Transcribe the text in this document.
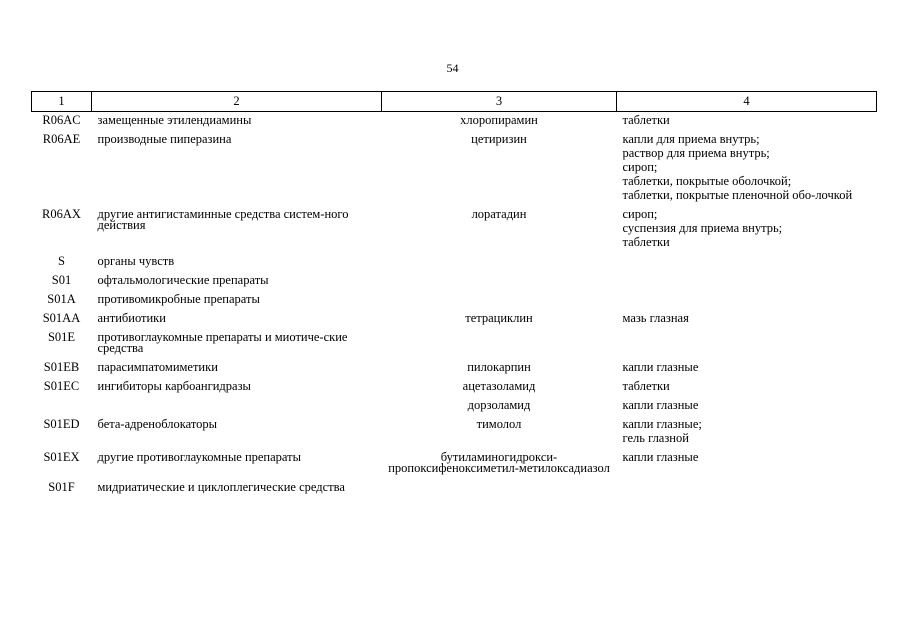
54
1	2	3	4
R06AC	замещенные этилендиамины	хлоропирамин	таблетки

R06AE	производные пиперазина	цетиризин	капли для приема внутрь;
раствор для приема внутрь;
сироп;
таблетки, покрытые оболочкой;
таблетки, покрытые пленочной обо-лочкой

R06AX	другие антигистаминные средства систем-ного действия	лоратадин	сироп;
суспензия для приема внутрь;
таблетки

S	органы чувств		
S01	офтальмологические препараты		
S01A	противомикробные препараты		
S01AA	антибиотики	тетрациклин	мазь глазная

S01E	противоглаукомные препараты и миотиче-ские средства		
S01EB	парасимпатомиметики	пилокарпин	капли глазные

S01EC	ингибиторы карбоангидразы	ацетазоламид	таблетки

		дорзоламид	капли глазные

S01ED	бета-адреноблокаторы	тимолол	капли глазные;
гель глазной

S01EX	другие противоглаукомные препараты	бутиламиногидрокси-пропоксифеноксиметил-метилоксадиазол	капли глазные

S01F	мидриатические и циклоплегические средства		
